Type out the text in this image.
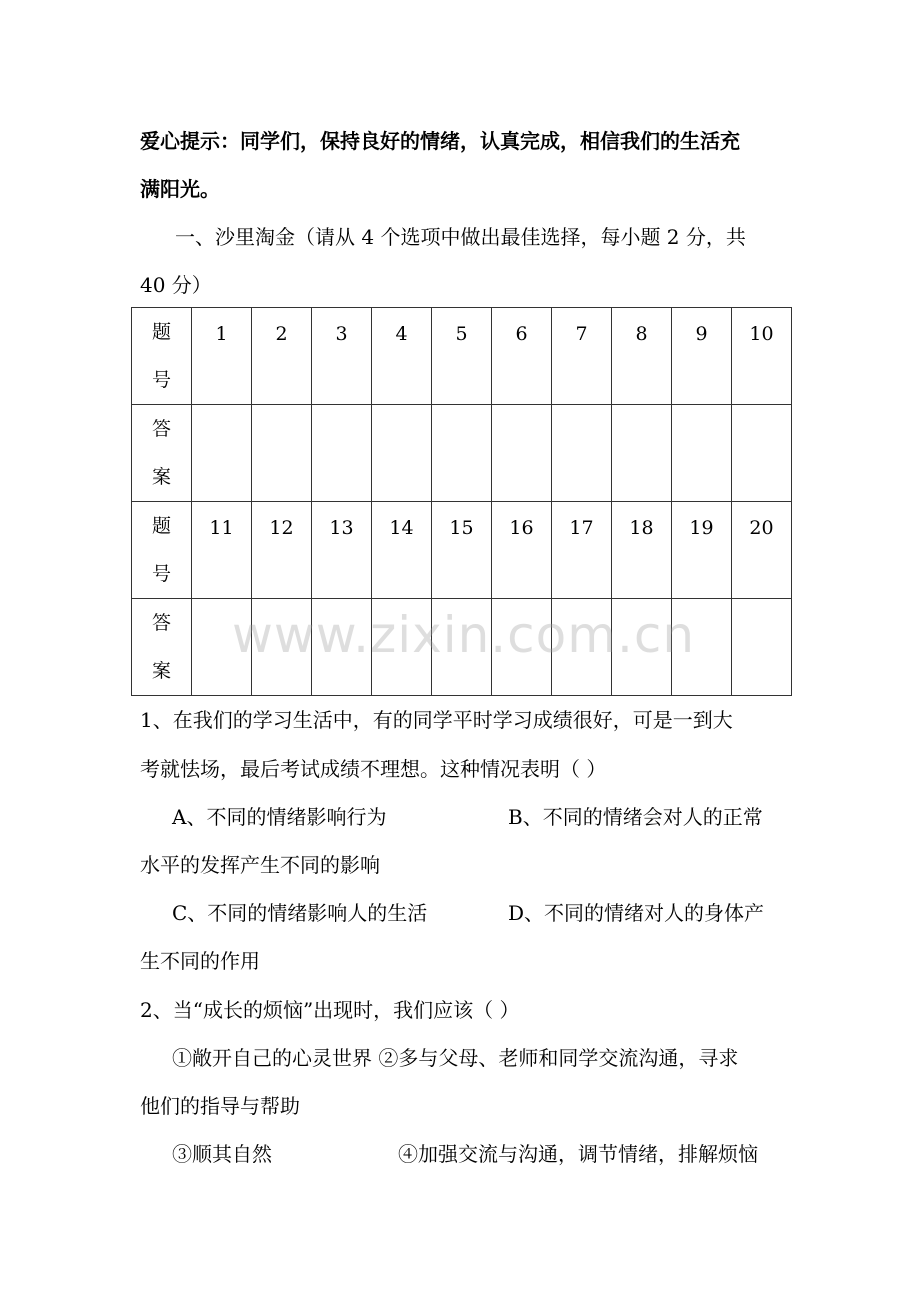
爱心提示：同学们，保持良好的情绪，认真完成，相信我们的生活充
满阳光。
一、沙里淘金（请从 4 个选项中做出最佳选择，每小题 2 分，共
40 分）
题
号	1	2	3	4	5	6	7	8	9	10

答
案										

题
号	11	12	13	14	15	16	17	18	19	20

答
案										

www.zixin.com.cn
1、在我们的学习生活中，有的同学平时学习成绩很好，可是一到大
考就怯场，最后考试成绩不理想。这种情况表明（ ）
A、不同的情绪影响行为	B、不同的情绪会对人的正常
水平的发挥产生不同的影响
C、不同的情绪影响人的生活	D、不同的情绪对人的身体产
生不同的作用
2、当“成长的烦恼”出现时，我们应该（ ）
①敞开自己的心灵世界 ②多与父母、老师和同学交流沟通，寻求
他们的指导与帮助
③顺其自然	④加强交流与沟通，调节情绪，排解烦恼
